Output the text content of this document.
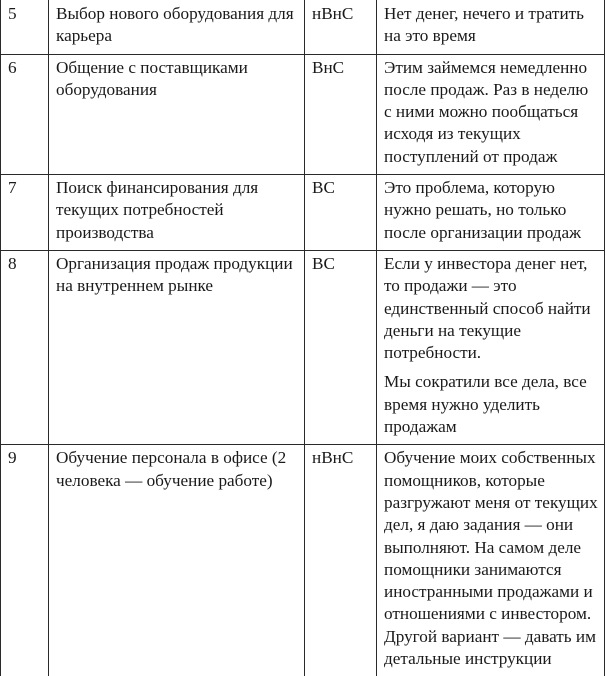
5	Выбор нового оборудования для карьера	нВнС	Нет денег, нечего и тратить на это время

6	Общение с поставщиками оборудования	ВнС	Этим займемся немедленно после продаж. Раз в неделю с ними можно пообщаться исходя из текущих поступлений от продаж

7	Поиск финансирования для текущих потребностей производства	ВС	Это проблема, которую нужно решать, но только после организации продаж

8	Организация продаж продукции на внутреннем рынке	ВС	Если у инвестора денег нет, то продажи — это единственный способ найти деньги на текущие потребности.
Мы сократили все дела, все время нужно уделить продажам

9	Обучение персонала в офисе (2 человека — обучение работе)	нВнС	Обучение моих собственных помощников, которые разгружают меня от текущих дел, я даю задания — они выполняют. На самом деле помощники занимаются иностранными продажами и отношениями с инвестором. Другой вариант — давать им детальные инструкции
